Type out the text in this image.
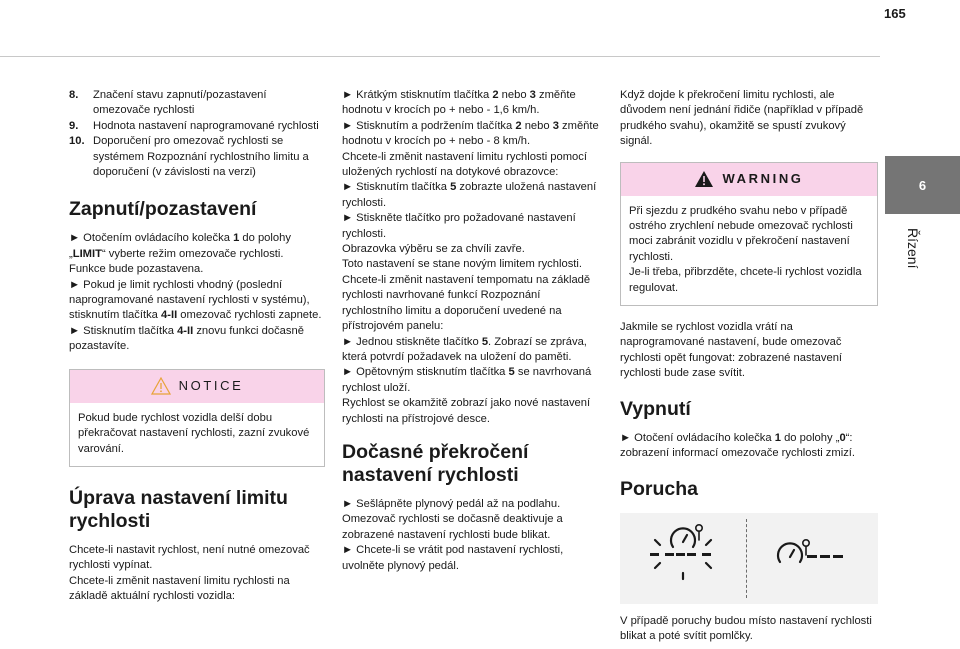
165
6
Řízení
8.	Značení stavu zapnutí/pozastavení omezovače rychlosti
9.	Hodnota nastavení naprogramované rychlosti
10. Doporučení pro omezovač rychlosti se systémem Rozpoznání rychlostního limitu a doporučení (v závislosti na verzi)
Zapnutí/pozastavení

► Otočením ovládacího kolečka 1 do polohy „LIMIT“ vyberte režim omezovače rychlosti.

Funkce bude pozastavena.

► Pokud je limit rychlosti vhodný (poslední naprogramované nastavení rychlosti v systému), stisknutím tlačítka 4-II omezovač rychlosti zapnete.

► Stisknutím tlačítka 4-II znovu funkci dočasně pozastavíte.

NOTICE
Pokud bude rychlost vozidla delší dobu překračovat nastavení rychlosti, zazní zvukové varování.
Úprava nastavení limitu rychlosti

Chcete-li nastavit rychlost, není nutné omezovač rychlosti vypínat.

Chcete-li změnit nastavení limitu rychlosti na základě aktuální rychlosti vozidla:

► Krátkým stisknutím tlačítka 2 nebo 3 změňte hodnotu v krocích po + nebo - 1,6 km/h.

► Stisknutím a podržením tlačítka 2 nebo 3 změňte hodnotu v krocích po + nebo - 8 km/h.

Chcete-li změnit nastavení limitu rychlosti pomocí uložených rychlostí na dotykové obrazovce:

► Stisknutím tlačítka 5 zobrazte uložená nastavení rychlosti.

► Stiskněte tlačítko pro požadované nastavení rychlosti.

Obrazovka výběru se za chvíli zavře.

Toto nastavení se stane novým limitem rychlosti.

Chcete-li změnit nastavení tempomatu na základě rychlosti navrhované funkcí Rozpoznání rychlostního limitu a doporučení uvedené na přístrojovém panelu:

► Jednou stiskněte tlačítko 5. Zobrazí se zpráva, která potvrdí požadavek na uložení do paměti.

► Opětovným stisknutím tlačítka 5 se navrhovaná rychlost uloží.

Rychlost se okamžitě zobrazí jako nové nastavení rychlosti na přístrojové desce.

Dočasné překročení nastavení rychlosti

► Sešlápněte plynový pedál až na podlahu.

Omezovač rychlosti se dočasně deaktivuje a zobrazené nastavení rychlosti bude blikat.

► Chcete-li se vrátit pod nastavení rychlosti, uvolněte plynový pedál.

Když dojde k překročení limitu rychlosti, ale důvodem není jednání řidiče (například v případě prudkého svahu), okamžitě se spustí zvukový signál.

WARNING
Při sjezdu z prudkého svahu nebo v případě ostrého zrychlení nebude omezovač rychlosti moci zabránit vozidlu v překročení nastavení rychlosti.
Je-li třeba, přibrzděte, chcete-li rychlost vozidla regulovat.

Jakmile se rychlost vozidla vrátí na naprogramované nastavení, bude omezovač rychlosti opět fungovat: zobrazené nastavení rychlosti bude zase svítit.

Vypnutí

► Otočení ovládacího kolečka 1 do polohy „0“: zobrazení informací omezovače rychlosti zmizí.

Porucha

V případě poruchy budou místo nastavení rychlosti blikat a poté svítit pomlčky.
